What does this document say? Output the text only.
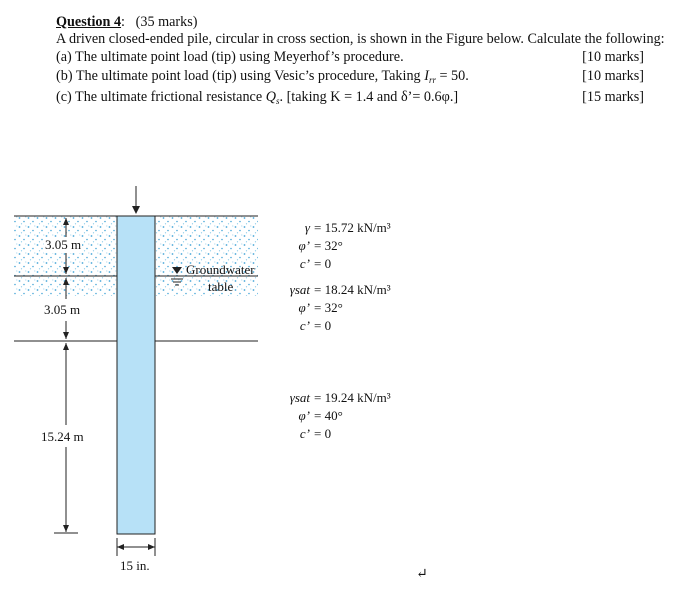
Question 4:   (35 marks)

A driven closed-ended pile, circular in cross section, is shown in the Figure below. Calculate the following:

(a) The ultimate point load (tip) using Meyerhof’s procedure.	[10 marks]
(b) The ultimate point load (tip) using Vesic’s procedure, Taking $I_{rr} = 50$.	[10 marks]
(c) The ultimate frictional resistance $Q_s$. [taking K = 1.4 and δ’= 0.6φ.]	[15 marks]
3.05 m
3.05 m
15.24 m
15 in.
Groundwater
table
γ = 15.72 kN/m³
φ’ = 32°
c’ = 0
γsat = 18.24 kN/m³
φ’ = 32°
c’ = 0
γsat = 19.24 kN/m³
φ’ = 40°
c’ = 0
↵
